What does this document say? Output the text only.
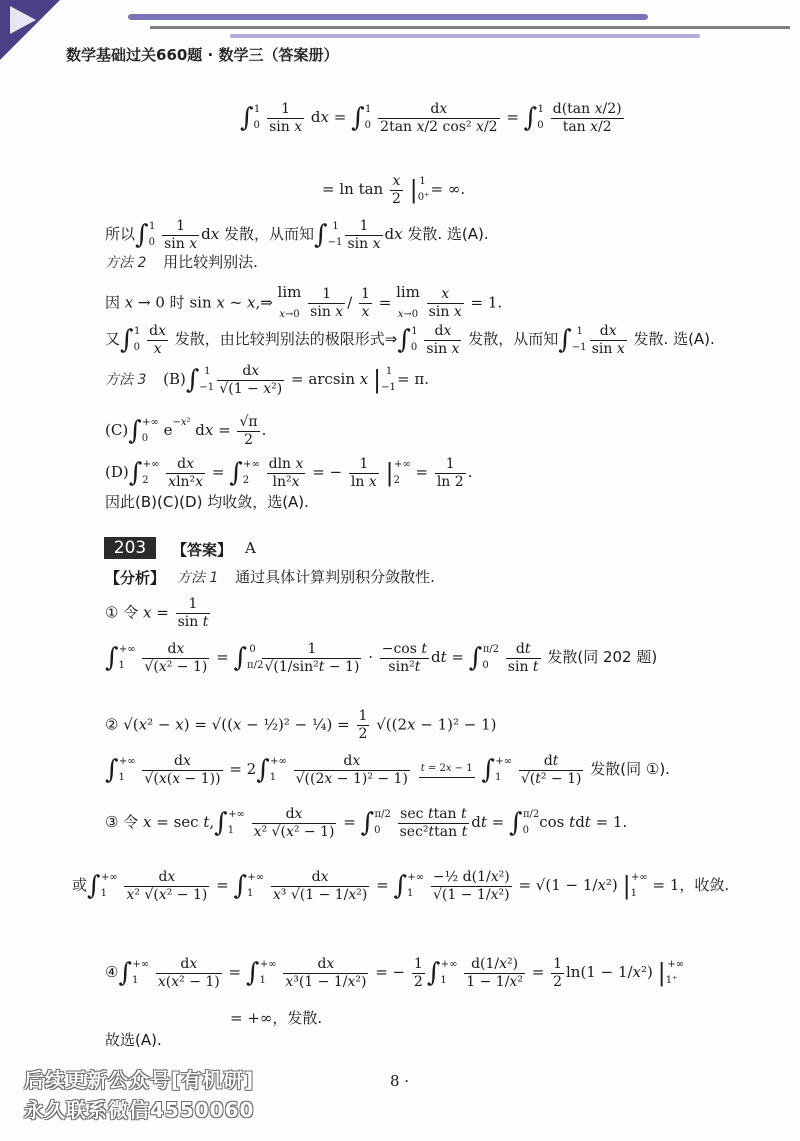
数学基础过关660题 · 数学三（答案册）
$\int_0^1 \frac{1}{\text{sin x}}$ dx = $\int_0^1 \frac{dx}{\text{2tan x/2 cos² x/2}} = \int_0^1 \frac{\text{d(tan x/2)}}{\text{tan x/2}}$
= $\ln \tan \frac{x}{2} |_{0^+}^1$ = ∞.
所以$\int_0^1 \frac{1}{\text{sin x}}$ dx 发散，从而知$\int_{-1}^1 \frac{1}{\text{sin x}}$ dx 发散. 选(A).
方法 2 用比较判别法.
因 x → 0 时 sin x ~ x,⇒ lim
$x\to 0 \frac{1}{\text{sin x}} / \frac{1}{x} = \lim$
$x\to 0 \frac{x}{\text{sin x}} = 1$.
又$\int_0^1 \frac{dx}{x}$ 发散，由比较判别法的极限形式$\Rightarrow\int_0^1 \frac{dx}{\text{sin x}}$ 发散，从而知$\int_{-1}^1 \frac{dx}{\text{sin x}}$ 发散. 选(A).
方法 3 $(B)\int_{-1}^1 \frac{dx}{\text{√(1 − x²)}} = \arcsin x$ $|_{-1}^1 = \pi$.
$(C)\int_0^{+\infty}$ $e^{-x^2}$ dx = $\frac{√\pi}{2}$ .
$(D)\int_2^{+\infty} \frac{dx}{\text{xln²x}} = \int_2^{+\infty} \frac{\text{dln x}}{\text{ln²x}}$ = − $\frac{1}{\text{ln x}} |_2^{+\infty} = \frac{1}{\ln 2}$ .
因此(B)(C)(D) 均收敛，选(A).
203	【答案】 A
【分析】 方法 1 通过具体计算判别积分敛散性.
① 令 $x = \frac{1}{\text{sin t}}$
$\int_1^{+\infty} \frac{dx}{\text{√(x² − 1)}} = \int_{\pi/2}^0 \frac{1}{\text{√(1/sin²t − 1)}} \cdot \frac{\text{−cos t}}{\text{sin²t}}$ dt = $\int_0^{\pi/2} \frac{dt}{\text{sin t}}$ 发散(同 202 题)
② √(x² − x) = √((x − ½)² − ¼) = $\frac{1}{2} √((2x - 1)^2 - 1)$
$\int_1^{+\infty} \frac{dx}{√(x(x - 1))} = 2\int_1^{+\infty} \frac{dx}{\text{√((2x − 1)² − 1)}}$
t = 2x − 1
$\int_1^{+\infty} \frac{dt}{\text{√(t² − 1)}}$ 发散(同 ①).
③ 令 $x = \sec t,\int_1^{+\infty} \frac{dx}{\text{x² √(x² − 1)}} = \int_0^{\pi/2} \frac{\text{sec ttan t}}{\text{sec²ttan t}}$ dt = $\int_0^{\pi/2}\cos$ tdt = 1.
或$\int_1^{+\infty} \frac{dx}{\text{x² √(x² − 1)}} = \int_1^{+\infty} \frac{dx}{\text{x³ √(1 − 1/x²)}} = \int_1^{+\infty} \frac{\text{−½ d(1/x²)}}{\text{√(1 − 1/x²)}} = √(1 - 1/x^2) |_1^{+\infty} = 1$，收敛.
$④\int_1^{+\infty} \frac{dx}{\text{x(x² − 1)}} = \int_1^{+\infty} \frac{dx}{\text{x³(1 − 1/x²)}}$ = − $\frac{1}{2} \int_1^{+\infty} \frac{\text{d(1/x²)}}{\text{1 − 1/x²}} = \frac{1}{2} \ln(1 - 1/x^2)$ $|_{1^+}^{+\infty}$
= +∞，发散.
故选(A).
8 ·
后续更新公众号[有机研]
永久联系微信4550060
